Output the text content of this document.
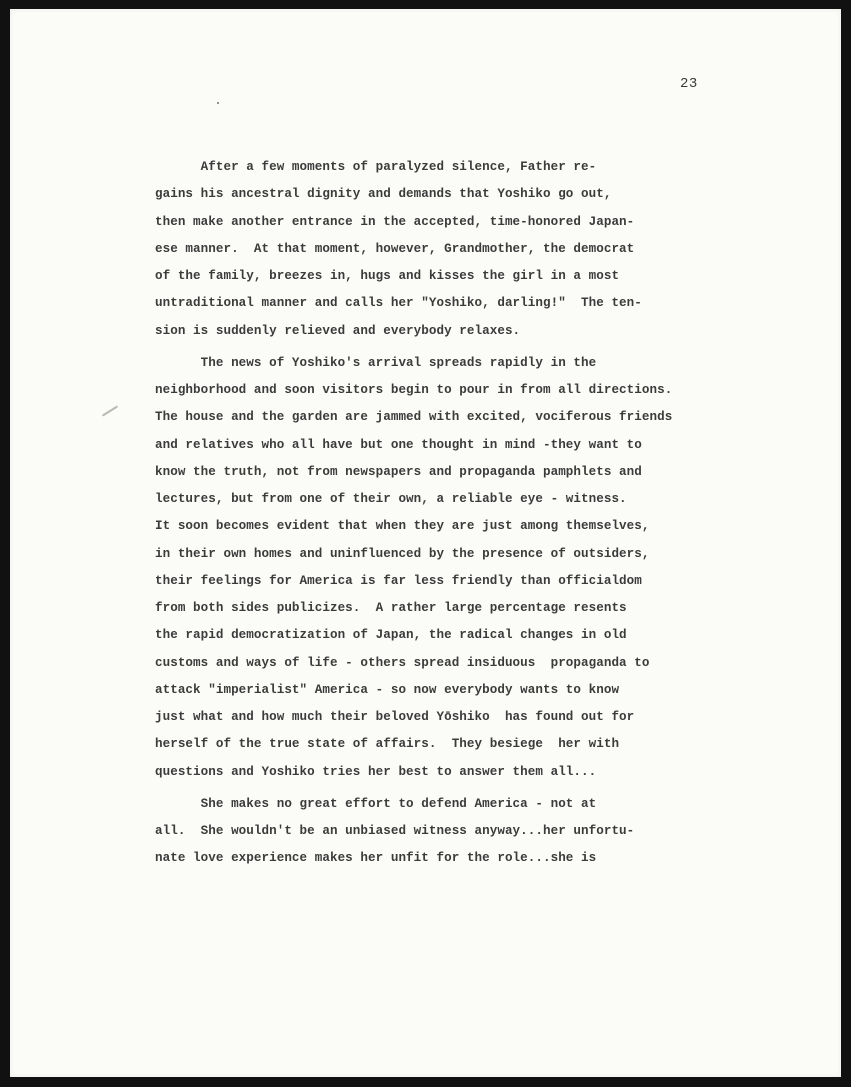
23
After a few moments of paralyzed silence, Father re-
gains his ancestral dignity and demands that Yoshiko go out,
then make another entrance in the accepted, time-honored Japan-
ese manner.  At that moment, however, Grandmother, the democrat
of the family, breezes in, hugs and kisses the girl in a most
untraditional manner and calls her "Yoshiko, darling!"  The ten-
sion is suddenly relieved and everybody relaxes.
The news of Yoshiko's arrival spreads rapidly in the
neighborhood and soon visitors begin to pour in from all directions.
The house and the garden are jammed with excited, vociferous friends
and relatives who all have but one thought in mind -they want to
know the truth, not from newspapers and propaganda pamphlets and
lectures, but from one of their own, a reliable eye - witness.
It soon becomes evident that when they are just among themselves,
in their own homes and uninfluenced by the presence of outsiders,
their feelings for America is far less friendly than officialdom
from both sides publicizes.  A rather large percentage resents
the rapid democratization of Japan, the radical changes in old
customs and ways of life - others spread insiduous  propaganda to
attack "imperialist" America - so now everybody wants to know
just what and how much their beloved Yōshiko  has found out for
herself of the true state of affairs.  They besiege  her with
questions and Yoshiko tries her best to answer them all...
She makes no great effort to defend America - not at
all.  She wouldn't be an unbiased witness anyway...her unfortu-
nate love experience makes her unfit for the role...she is
